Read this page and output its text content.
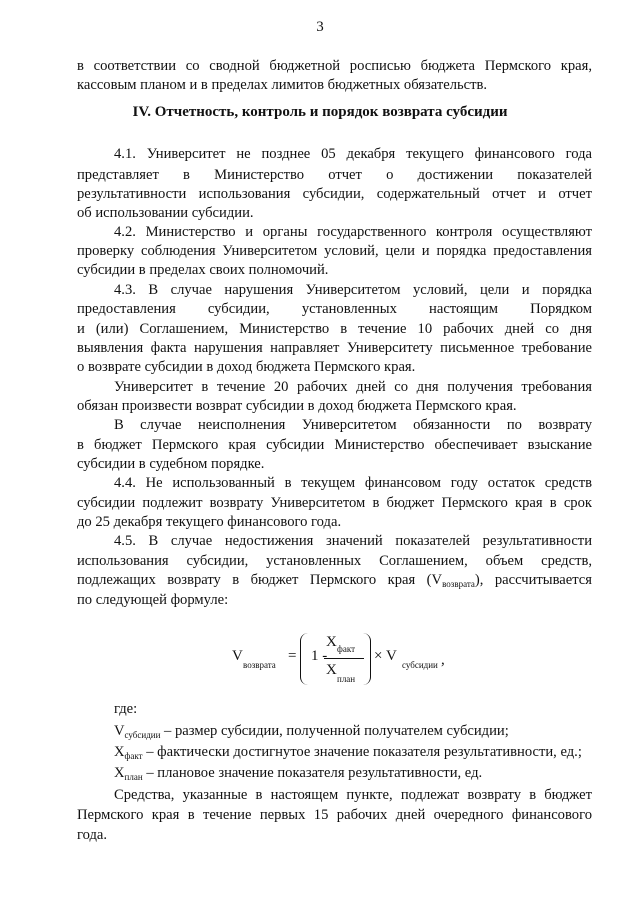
3
в соответствии со сводной бюджетной росписью бюджета Пермского края,
кассовым планом и в пределах лимитов бюджетных обязательств.
IV. Отчетность, контроль и порядок возврата субсидии
4.1. Университет не позднее 05 декабря текущего финансового года
представляет в Министерство отчет о достижении показателей
результативности использования субсидии, содержательный отчет и отчет
об использовании субсидии.
4.2. Министерство и органы государственного контроля осуществляют
проверку соблюдения Университетом условий, цели и порядка предоставления
субсидии в пределах своих полномочий.
4.3. В случае нарушения Университетом условий, цели и порядка
предоставления субсидии, установленных настоящим Порядком
и (или) Соглашением, Министерство в течение 10 рабочих дней со дня
выявления факта нарушения направляет Университету письменное требование
о возврате субсидии в доход бюджета Пермского края.
Университет в течение 20 рабочих дней со дня получения требования
обязан произвести возврат субсидии в доход бюджета Пермского края.
В случае неисполнения Университетом обязанности по возврату
в бюджет Пермского края субсидии Министерство обеспечивает взыскание
субсидии в судебном порядке.
4.4. Не использованный в текущем финансовом году остаток средств
субсидии подлежит возврату Университетом в бюджет Пермского края в срок
до 25 декабря текущего финансового года.
4.5. В случае недостижения значений показателей результативности
использования субсидии, установленных Соглашением, объем средств,
подлежащих возврату в бюджет Пермского края $(V_{возврата})$, рассчитывается
по следующей формуле:
V
возврата
= 1 -
X факт
X
план
× V
субсидии ,
где:
$V_{субсидии}$ – размер субсидии, полученной получателем субсидии;
$X_{факт}$ – фактически достигнутое значение показателя результативности, ед.;
$X_{план}$ – плановое значение показателя результативности, ед.
Средства, указанные в настоящем пункте, подлежат возврату в бюджет
Пермского края в течение первых 15 рабочих дней очередного финансового
года.
